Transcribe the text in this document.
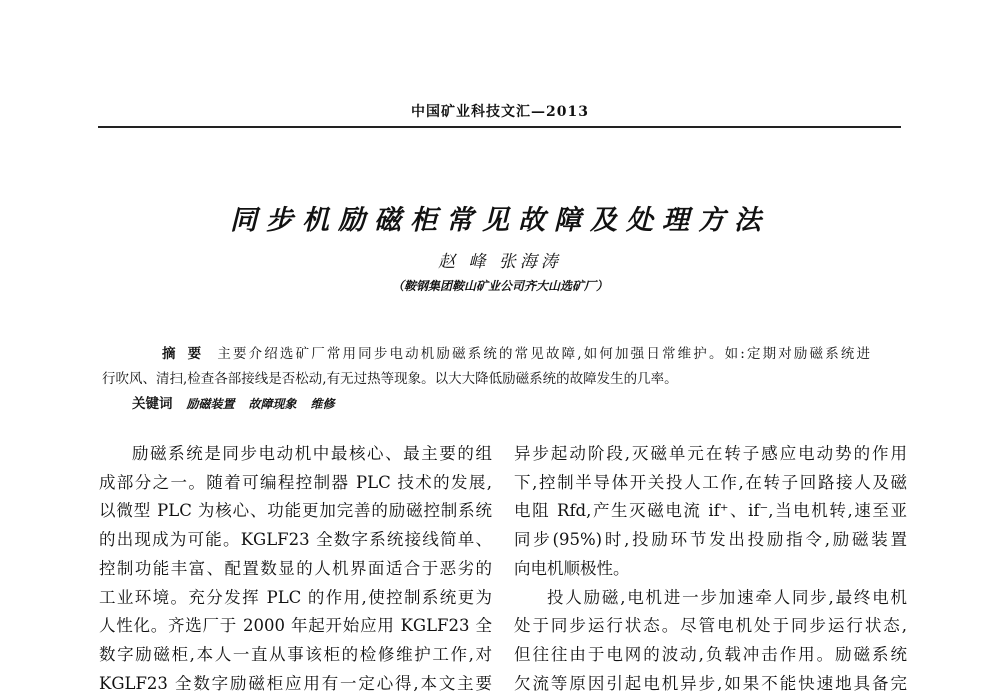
中国矿业科技文汇—2013
同步机励磁柜常见故障及处理方法
赵 峰 张海涛
（鞍钢集团鞍山矿业公司齐大山选矿厂）
摘要 主要介绍选矿厂常用同步电动机励磁系统的常见故障,如何加强日常维护。如:定期对励磁系统进
行吹风、清扫,检查各部接线是否松动,有无过热等现象。以大大降低励磁系统的故障发生的几率。
关键词 励磁装置 故障现象 维修
励磁系统是同步电动机中最核心、最主要的组
成部分之一。随着可编程控制器 PLC 技术的发展,
以微型 PLC 为核心、功能更加完善的励磁控制系统
的出现成为可能。KGLF23 全数字系统接线简单、
控制功能丰富、配置数显的人机界面适合于恶劣的
工业环境。充分发挥 PLC 的作用,使控制系统更为
人性化。齐选厂于 2000 年起开始应用 KGLF23 全
数字励磁柜,本人一直从事该柜的检修维护工作,对
KGLF23 全数字励磁柜应用有一定心得,本文主要
异步起动阶段,灭磁单元在转子感应电动势的作用
下,控制半导体开关投人工作,在转子回路接人及磁
电阻 Rfd,产生灭磁电流 if⁺、if⁻,当电机转,速至亚
同步(95%)时,投励环节发出投励指令,励磁装置
向电机顺极性。
投人励磁,电机进一步加速牵人同步,最终电机
处于同步运行状态。尽管电机处于同步运行状态,
但往往由于电网的波动,负载冲击作用。励磁系统
欠流等原因引起电机异步,如果不能快速地具备完
